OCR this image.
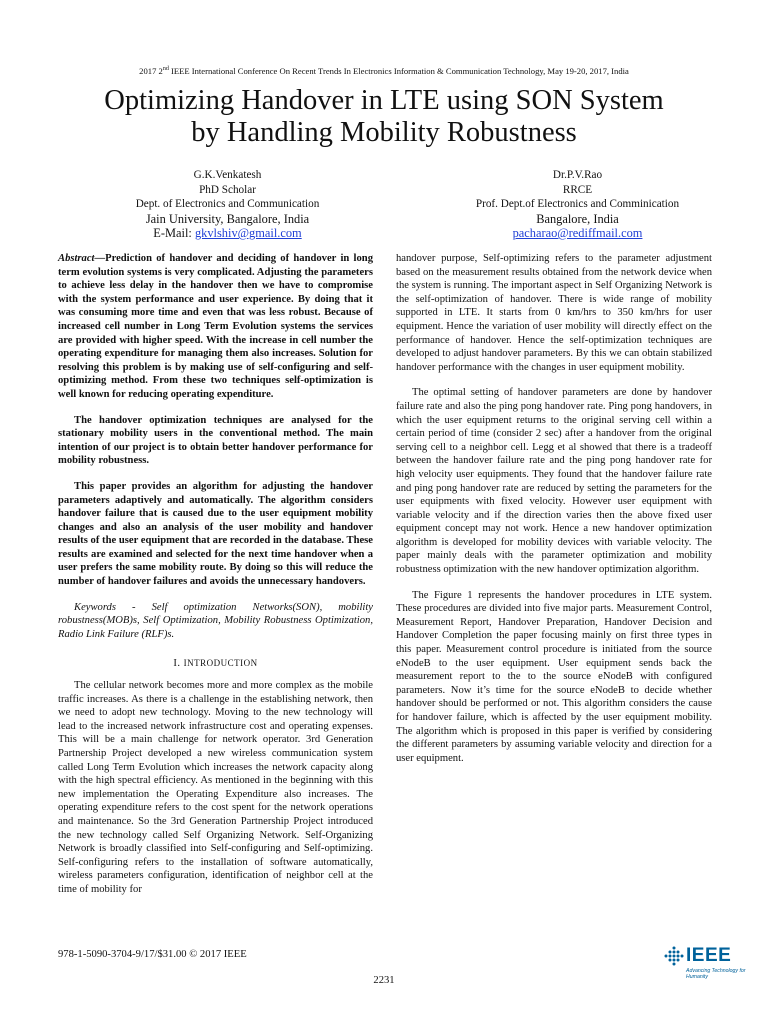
2017 2nd IEEE International Conference On Recent Trends In Electronics Information & Communication Technology, May 19-20, 2017, India
Optimizing Handover in LTE using SON System
by Handling Mobility Robustness
G.K.Venkatesh
PhD Scholar
Dept. of Electronics and Communication
Jain University, Bangalore, India
E-Mail: gkvlshiv@gmail.com
Dr.P.V.Rao
RRCE
Prof. Dept.of Electronics and Comminication
Bangalore, India
pacharao@rediffmail.com

Abstract—Prediction of handover and deciding of handover in long term evolution systems is very complicated. Adjusting the parameters to achieve less delay in the handover then we have to compromise with the system performance and user experience. By doing that it was consuming more time and even that was less robust. Because of increased cell number in Long Term Evolution systems the services are provided with higher speed. With the increase in cell number the operating expenditure for managing them also increases. Solution for resolving this problem is by making use of self-configuring and self-optimizing method. From these two techniques self-optimization is well known for reducing operating expenditure.

The handover optimization techniques are analysed for the stationary mobility users in the conventional method. The main intention of our project is to obtain better handover performance for mobility robustness.

This paper provides an algorithm for adjusting the handover parameters adaptively and automatically. The algorithm considers handover failure that is caused due to the user equipment mobility changes and also an analysis of the user mobility and handover results of the user equipment that are recorded in the database. These results are examined and selected for the next time handover when a user prefers the same mobility route. By doing so this will reduce the number of handover failures and avoids the unnecessary handovers.

Keywords - Self optimization Networks(SON), mobility robustness(MOB)s, Self Optimization, Mobility Robustness Optimization, Radio Link Failure (RLF)s.

I. INTRODUCTION

The cellular network becomes more and more complex as the mobile traffic increases. As there is a challenge in the establishing network, then we need to adopt new technology. Moving to the new technology will lead to the increased network infrastructure cost and operating expenses. This will be a main challenge for network operator. 3rd Generation Partnership Project developed a new wireless communication system called Long Term Evolution which increases the network capacity along with the high spectral efficiency. As mentioned in the beginning with this new implementation the Operating Expenditure also increases. The operating expenditure refers to the cost spent for the network operations and maintenance. So the 3rd Generation Partnership Project introduced the new technology called Self Organizing Network. Self-Organizing Network is broadly classified into Self-configuring and Self-optimizing. Self-configuring refers to the installation of software automatically, wireless parameters configuration, identification of neighbor cell at the time of mobility for

handover purpose, Self-optimizing refers to the parameter adjustment based on the measurement results obtained from the network device when the system is running. The important aspect in Self Organizing Network is the self-optimization of handover. There is wide range of mobility supported in LTE. It starts from 0 km/hrs to 350 km/hrs for user equipment. Hence the variation of user mobility will directly effect on the performance of handover. Hence the self-optimization techniques are developed to adjust handover parameters. By this we can obtain stabilized handover performance with the changes in user equipment mobility.

The optimal setting of handover parameters are done by handover failure rate and also the ping pong handover rate. Ping pong handovers, in which the user equipment returns to the original serving cell within a certain period of time (consider 2 sec) after a handover from the original serving cell to a neighbor cell. Legg et al showed that there is a tradeoff between the handover failure rate and the ping pong handover rate for high velocity user equipments. They found that the handover failure rate and ping pong handover rate are reduced by setting the parameters for the user equipments with fixed velocity. However user equipment with variable velocity and if the direction varies then the above fixed user equipment concept may not work. Hence a new handover optimization algorithm is developed for mobility devices with variable velocity. The paper mainly deals with the parameter optimization and mobility robustness optimization with the new handover optimization algorithm.

The Figure 1 represents the handover procedures in LTE system. These procedures are divided into five major parts. Measurement Control, Measurement Report, Handover Preparation, Handover Decision and Handover Completion the paper focusing mainly on first three types in this paper. Measurement control procedure is initiated from the source eNodeB to the user equipment. User equipment sends back the measurement report to the to the source eNodeB with configured parameters. Now it’s time for the source eNodeB to decide whether handover should be performed or not. This algorithm considers the cause for handover failure, which is affected by the user equipment mobility. The algorithm which is proposed in this paper is verified by considering the different parameters by assuming variable velocity and direction for a user equipment.

978-1-5090-3704-9/17/$31.00 © 2017 IEEE
2231
IEEE
Advancing Technology for Humanity
